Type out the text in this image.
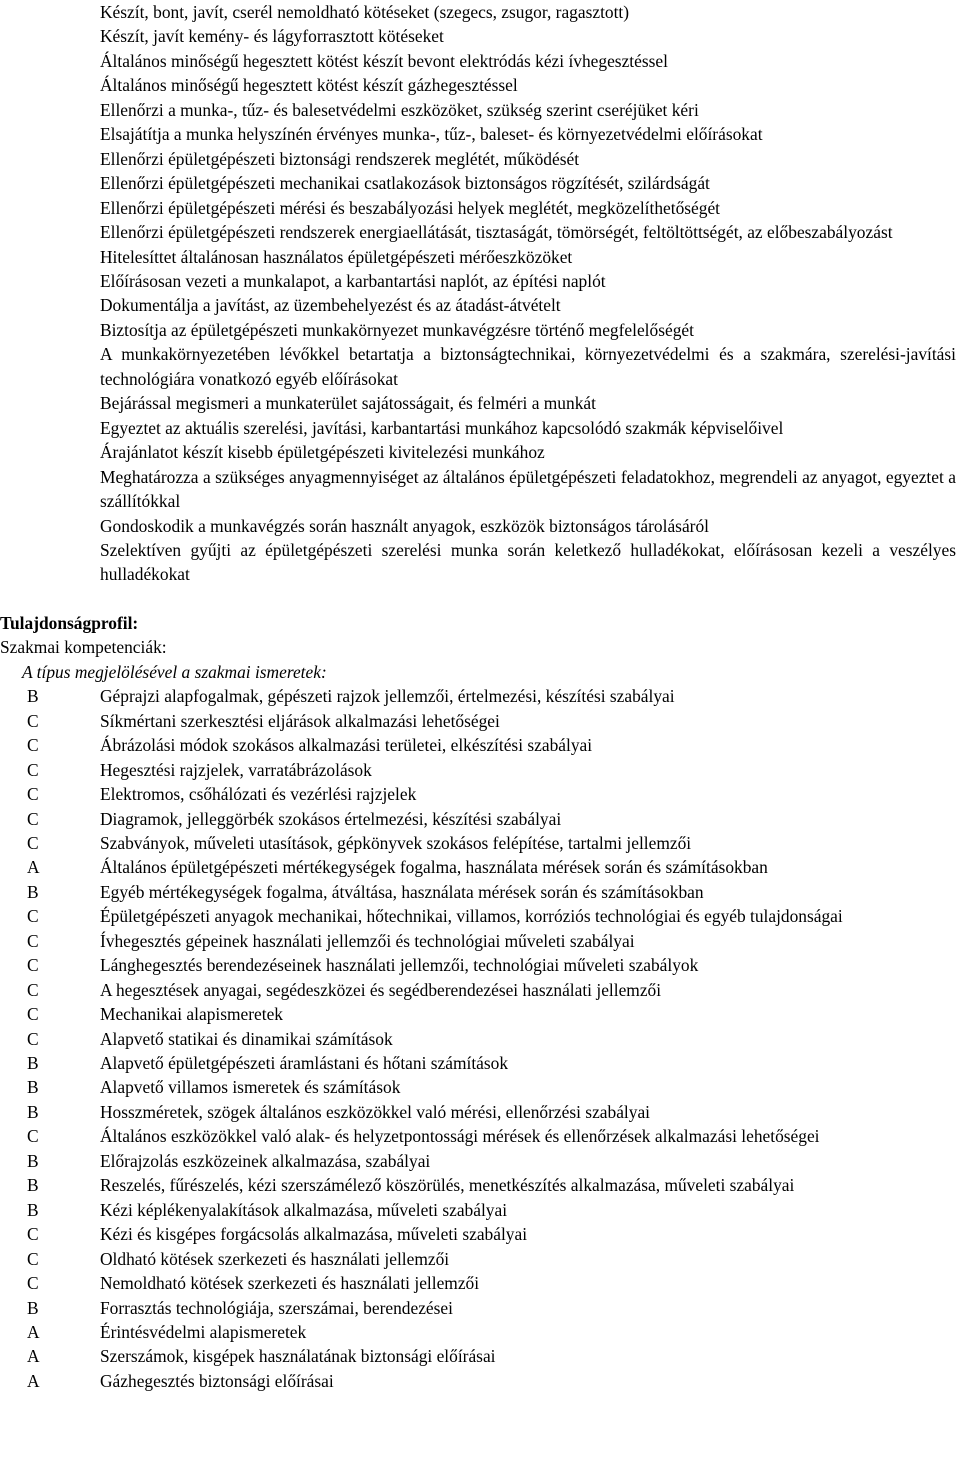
Készít, bont, javít, cserél nemoldható kötéseket (szegecs, zsugor, ragasztott)
Készít, javít kemény- és lágyforrasztott kötéseket
Általános minőségű hegesztett kötést készít bevont elektródás kézi ívhegesztéssel
Általános minőségű hegesztett kötést készít gázhegesztéssel
Ellenőrzi a munka-, tűz- és balesetvédelmi eszközöket, szükség szerint cseréjüket kéri
Elsajátítja a munka helyszínén érvényes munka-, tűz-, baleset- és környezetvédelmi előírásokat
Ellenőrzi épületgépészeti biztonsági rendszerek meglétét, működését
Ellenőrzi épületgépészeti mechanikai csatlakozások biztonságos rögzítését, szilárdságát
Ellenőrzi épületgépészeti mérési és beszabályozási helyek meglétét, megközelíthetőségét
Ellenőrzi épületgépészeti rendszerek energiaellátását, tisztaságát, tömörségét, feltöltöttségét, az előbeszabályozást
Hitelesíttet általánosan használatos épületgépészeti mérőeszközöket
Előírásosan vezeti a munkalapot, a karbantartási naplót, az építési naplót
Dokumentálja a javítást, az üzembehelyezést és az átadást-átvételt
Biztosítja az épületgépészeti munkakörnyezet munkavégzésre történő megfelelőségét
A munkakörnyezetében lévőkkel betartatja a biztonságtechnikai, környezetvédelmi és a szakmára, szerelési-javítási technológiára vonatkozó egyéb előírásokat
Bejárással megismeri a munkaterület sajátosságait, és felméri a munkát
Egyeztet az aktuális szerelési, javítási, karbantartási munkához kapcsolódó szakmák képviselőivel
Árajánlatot készít kisebb épületgépészeti kivitelezési munkához
Meghatározza a szükséges anyagmennyiséget az általános épületgépészeti feladatokhoz, megrendeli az anyagot, egyeztet a szállítókkal
Gondoskodik a munkavégzés során használt anyagok, eszközök biztonságos tárolásáról
Szelektíven gyűjti az épületgépészeti szerelési munka során keletkező hulladékokat, előírásosan kezeli a veszélyes hulladékokat
Tulajdonságprofil:
Szakmai kompetenciák:
A típus megjelölésével a szakmai ismeretek:
B	Géprajzi alapfogalmak, gépészeti rajzok jellemzői, értelmezési, készítési szabályai
C	Síkmértani szerkesztési eljárások alkalmazási lehetőségei
C	Ábrázolási módok szokásos alkalmazási területei, elkészítési szabályai
C	Hegesztési rajzjelek, varratábrázolások
C	Elektromos, csőhálózati és vezérlési rajzjelek
C	Diagramok, jelleggörbék szokásos értelmezési, készítési szabályai
C	Szabványok, műveleti utasítások, gépkönyvek szokásos felépítése, tartalmi jellemzői
A	Általános épületgépészeti mértékegységek fogalma, használata mérések során és számításokban
B	Egyéb mértékegységek fogalma, átváltása, használata mérések során és számításokban
C	Épületgépészeti anyagok mechanikai, hőtechnikai, villamos, korróziós technológiai és egyéb tulajdonságai
C	Ívhegesztés gépeinek használati jellemzői és technológiai műveleti szabályai
C	Lánghegesztés berendezéseinek használati jellemzői, technológiai műveleti szabályok
C	A hegesztések anyagai, segédeszközei és segédberendezései használati jellemzői
C	Mechanikai alapismeretek
C	Alapvető statikai és dinamikai számítások
B	Alapvető épületgépészeti áramlástani és hőtani számítások
B	Alapvető villamos ismeretek és számítások
B	Hosszméretek, szögek általános eszközökkel való mérési, ellenőrzési szabályai
C	Általános eszközökkel való alak- és helyzetpontossági mérések és ellenőrzések alkalmazási lehetőségei
B	Előrajzolás eszközeinek alkalmazása, szabályai
B	Reszelés, fűrészelés, kézi szerszámélező köszörülés, menetkészítés alkalmazása, műveleti szabályai
B	Kézi képlékenyalakítások alkalmazása, műveleti szabályai
C	Kézi és kisgépes forgácsolás alkalmazása, műveleti szabályai
C	Oldható kötések szerkezeti és használati jellemzői
C	Nemoldható kötések szerkezeti és használati jellemzői
B	Forrasztás technológiája, szerszámai, berendezései
A	Érintésvédelmi alapismeretek
A	Szerszámok, kisgépek használatának biztonsági előírásai
A	Gázhegesztés biztonsági előírásai
